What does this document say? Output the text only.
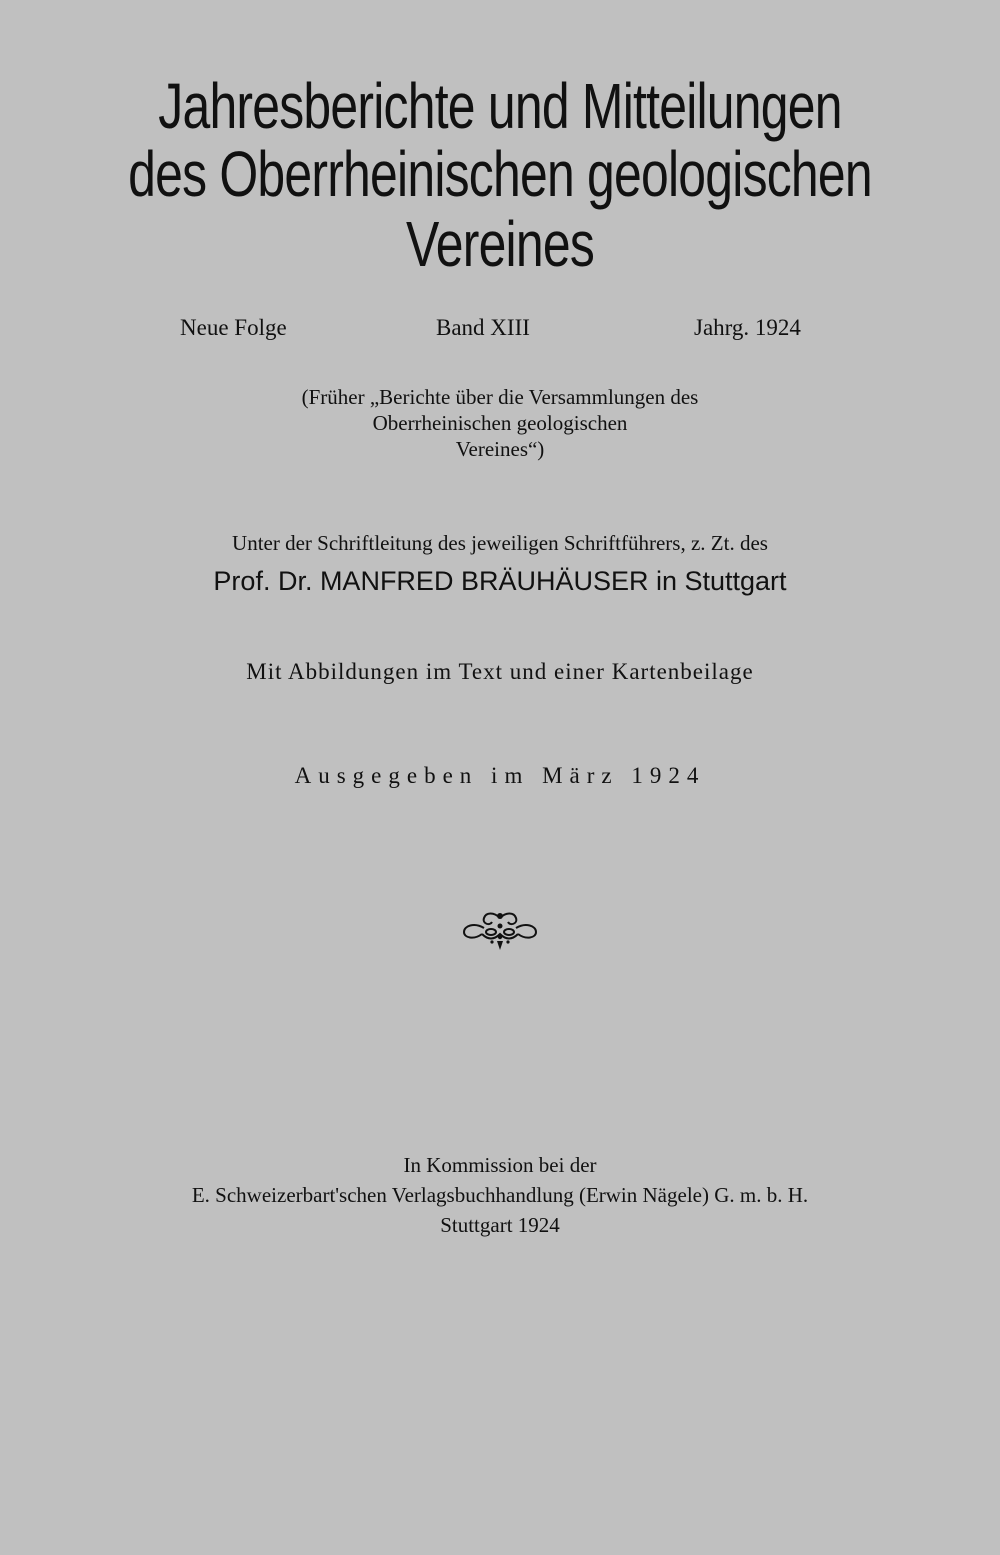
Jahresberichte und Mitteilungen
des Oberrheinischen geologischen
Vereines
Neue Folge	Band XIII	Jahrg. 1924
(Früher „Berichte über die Versammlungen des
Oberrheinischen geologischen
Vereines“)
Unter der Schriftleitung des jeweiligen Schriftführers, z. Zt. des
Prof. Dr. MANFRED BRÄUHÄUSER in Stuttgart
Mit Abbildungen im Text und einer Kartenbeilage
Ausgegeben im März 1924
In Kommission bei der
E. Schweizerbart'schen Verlagsbuchhandlung (Erwin Nägele) G. m. b. H.
Stuttgart 1924
